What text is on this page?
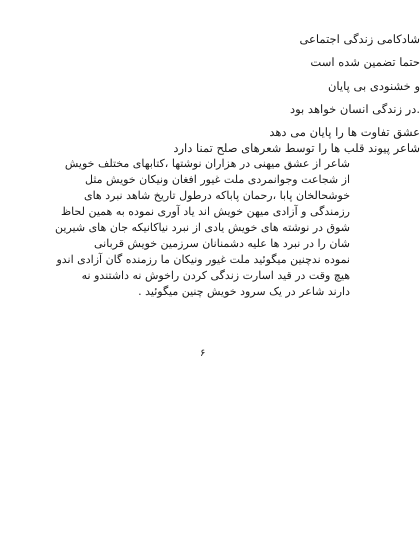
شادکامی زندگی اجتماعی
حتما تضمین شده است
و خشنودی بی پایان
.در زندگی انسان خواهد بود
عشق تفاوت ها را پایان می دهد
شاعر پیوند قلب ها را توسط شعرهای صلح تمنا دارد
شاعر از عشق میهنی در هزاران نوشتها ،کتابهای مختلف خویش
از شجاعت وجوانمردی ملت غیور افغان ونیکان خویش مثل
خوشحالخان پابا ،رحمان پاباکه درطول تاریخ شاهد نبرد های
رزمندگی و آزادی میهن خویش اند یاد آوری نموده به همین لحاظ
شوق در نوشته های خویش یادی از نبرد نیاکانیکه جان های شیرین
شان را در نبرد ها علیه دشمنانان سرزمین خویش قربانی
نموده ندچنین میگوئید ملت غیور ونیکان ما رزمنده گان آزادی اندو
هیچ وقت در قید اسارت زندگی کردن راخوش نه داشتندو نه
دارند شاعر در یک سرود خویش چنین میگوئید .
۶
